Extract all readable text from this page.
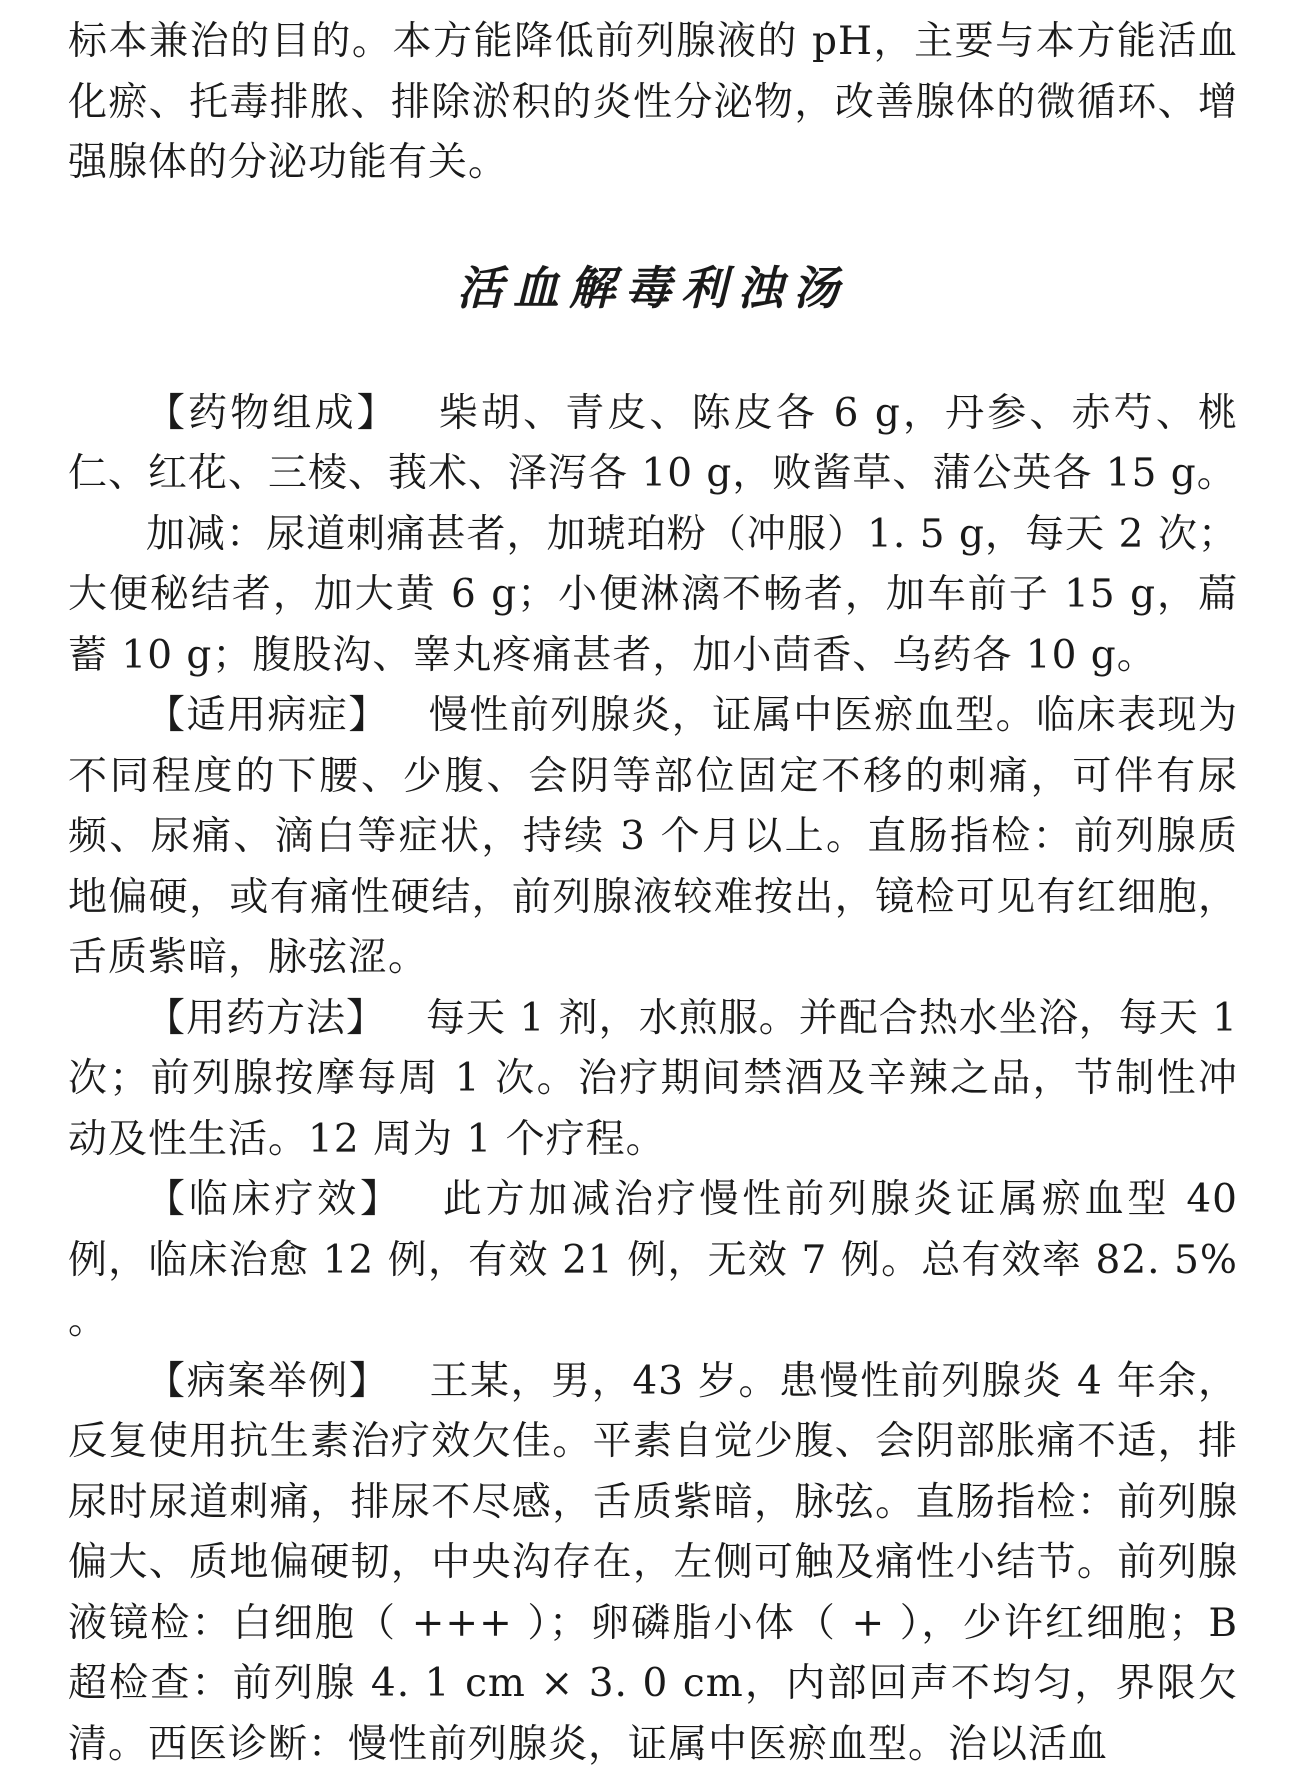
标本兼治的目的。本方能降低前列腺液的 pH，主要与本方能活血化瘀、托毒排脓、排除淤积的炎性分泌物，改善腺体的微循环、增强腺体的分泌功能有关。

活血解毒利浊汤

【药物组成】 柴胡、青皮、陈皮各 6 g，丹参、赤芍、桃仁、红花、三棱、莪术、泽泻各 10 g，败酱草、蒲公英各 15 g。

加减：尿道刺痛甚者，加琥珀粉（冲服）1. 5 g，每天 2 次；大便秘结者，加大黄 6 g；小便淋漓不畅者，加车前子 15 g，萹蓄 10 g；腹股沟、睾丸疼痛甚者，加小茴香、乌药各 10 g。

【适用病症】 慢性前列腺炎，证属中医瘀血型。临床表现为不同程度的下腰、少腹、会阴等部位固定不移的刺痛，可伴有尿频、尿痛、滴白等症状，持续 3 个月以上。直肠指检：前列腺质地偏硬，或有痛性硬结，前列腺液较难按出，镜检可见有红细胞，舌质紫暗，脉弦涩。

【用药方法】 每天 1 剂，水煎服。并配合热水坐浴，每天 1 次；前列腺按摩每周 1 次。治疗期间禁酒及辛辣之品，节制性冲动及性生活。12 周为 1 个疗程。

【临床疗效】 此方加减治疗慢性前列腺炎证属瘀血型 40 例，临床治愈 12 例，有效 21 例，无效 7 例。总有效率 82. 5% 。

【病案举例】 王某，男，43 岁。患慢性前列腺炎 4 年余，反复使用抗生素治疗效欠佳。平素自觉少腹、会阴部胀痛不适，排尿时尿道刺痛，排尿不尽感，舌质紫暗，脉弦。直肠指检：前列腺偏大、质地偏硬韧，中央沟存在，左侧可触及痛性小结节。前列腺液镜检：白细胞（ +++ ）；卵磷脂小体（ + ），少许红细胞；B 超检查：前列腺 4. 1 cm × 3. 0 cm，内部回声不均匀，界限欠清。西医诊断：慢性前列腺炎，证属中医瘀血型。治以活血
